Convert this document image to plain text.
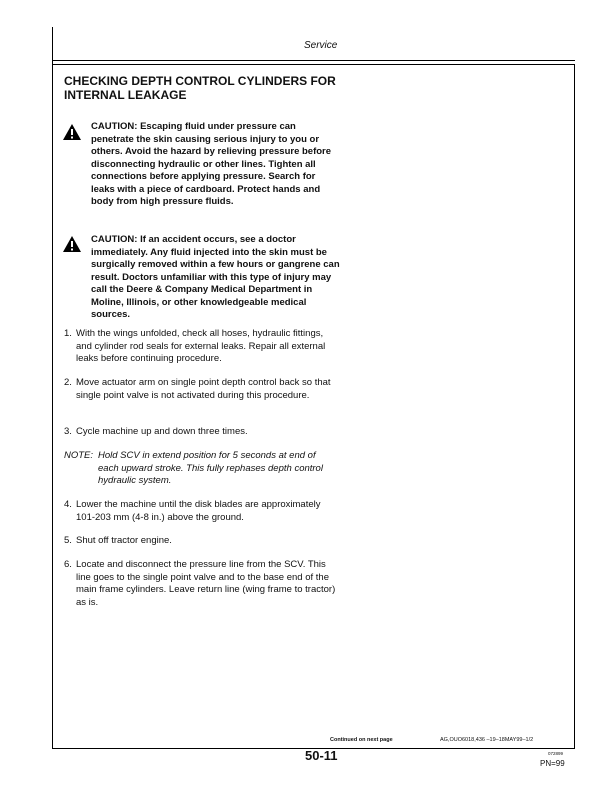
Service
CHECKING DEPTH CONTROL CYLINDERS FOR INTERNAL LEAKAGE
CAUTION: Escaping fluid under pressure can penetrate the skin causing serious injury to you or others. Avoid the hazard by relieving pressure before disconnecting hydraulic or other lines. Tighten all connections before applying pressure. Search for leaks with a piece of cardboard. Protect hands and body from high pressure fluids.
CAUTION: If an accident occurs, see a doctor immediately. Any fluid injected into the skin must be surgically removed within a few hours or gangrene can result. Doctors unfamiliar with this type of injury may call the Deere & Company Medical Department in Moline, Illinois, or other knowledgeable medical sources.
1. With the wings unfolded, check all hoses, hydraulic fittings, and cylinder rod seals for external leaks. Repair all external leaks before continuing procedure.
2. Move actuator arm on single point depth control back so that single point valve is not activated during this procedure.
3. Cycle machine up and down three times.
NOTE: Hold SCV in extend position for 5 seconds at end of each upward stroke. This fully rephases depth control hydraulic system.
4. Lower the machine until the disk blades are approximately 101-203 mm (4-8 in.) above the ground.
5. Shut off tractor engine.
6. Locate and disconnect the pressure line from the SCV. This line goes to the single point valve and to the base end of the main frame cylinders. Leave return line (wing frame to tractor) as is.
Continued on next page	AG,OUO6018,436 –19–18MAY99–1/2
50-11	072899
PN=99
